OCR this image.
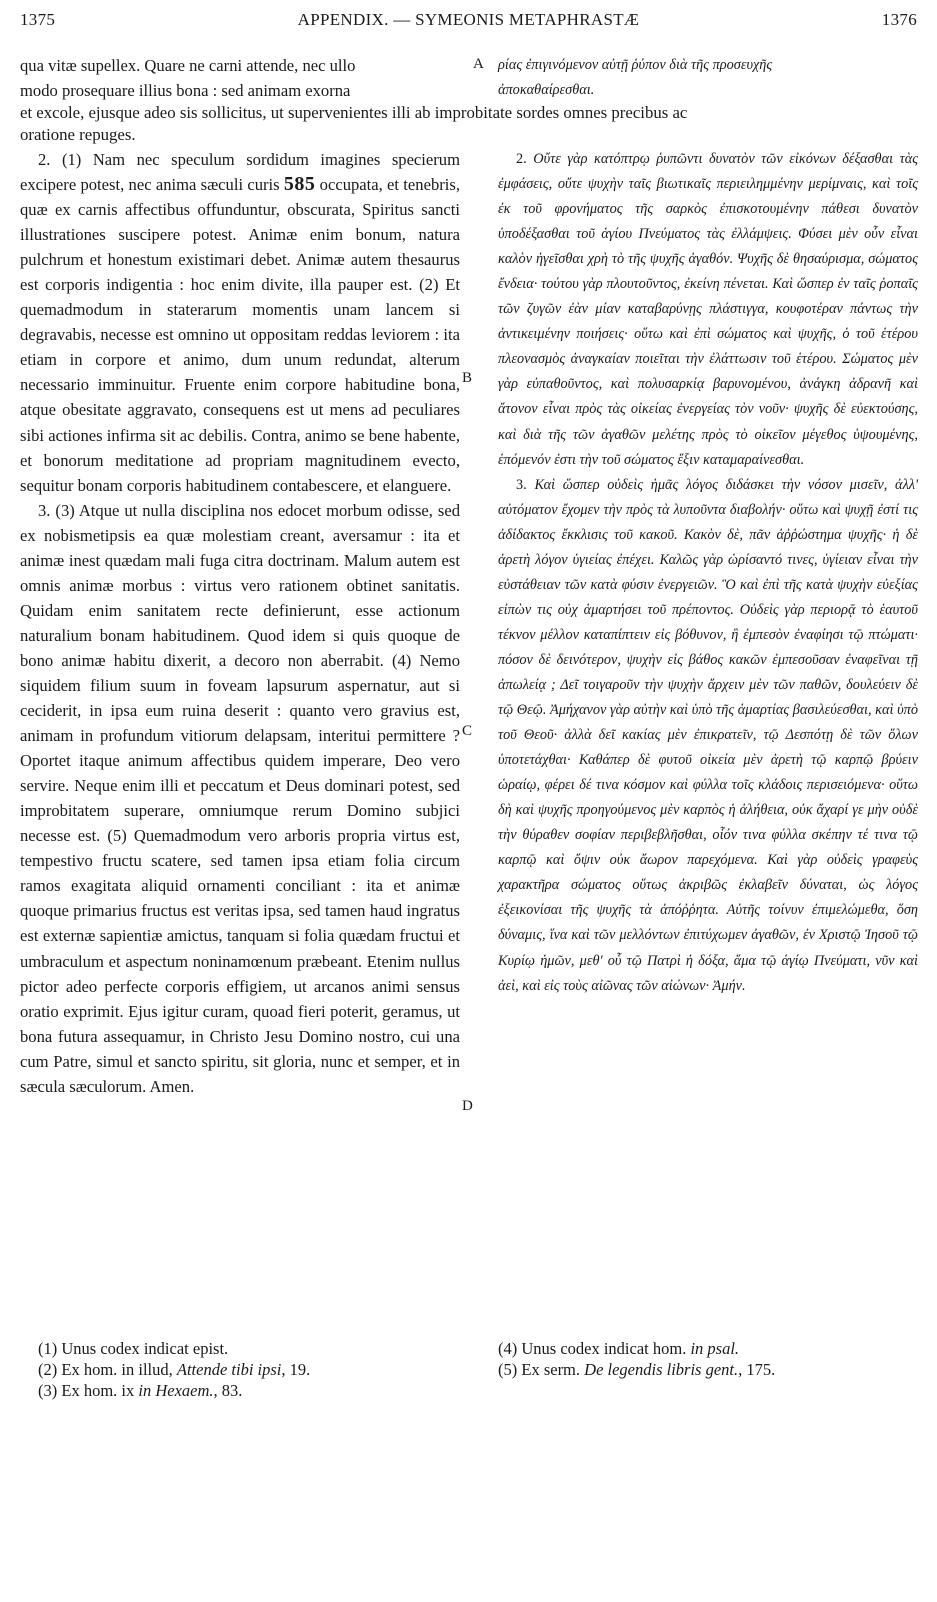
1375	APPENDIX. — SYMEONIS METAPHRASTÆ	1376
qua vitæ supellex. Quare ne carni attende, nec ullo
modo prosequare illius bona : sed animam exorna
A ρίας ἐπιγινόμενον αὐτῇ ῥύπον διὰ τῆς προσευχῆς
ἀποκαθαίρεσθαι.
et excole, ejusque adeo sis sollicitus, ut supervenientes illi ab improbitate sordes omnes precibus ac
oratione repuges.

2. (1) Nam nec speculum sordidum imagines specierum excipere potest, nec anima sæculi curis 585 occupata, et tenebris, quæ ex carnis affectibus offunduntur, obscurata, Spiritus sancti illustrationes suscipere potest. Animæ enim bonum, natura pulchrum et honestum existimari debet. Animæ autem thesaurus est corporis indigentia : hoc enim divite, illa pauper est. (2) Et quemadmodum in staterarum momentis unam lancem si degravabis, necesse est omnino ut oppositam reddas leviorem : ita etiam in corpore et animo, dum unum redundat, alterum necessario imminuitur. Fruente enim corpore habitudine bona, atque obesitate aggravato, consequens est ut mens ad peculiares sibi actiones infirma sit ac debilis. Contra, animo se bene habente, et bonorum meditatione ad propriam magnitudinem evecto, sequitur bonam corporis habitudinem contabescere, et elanguere.

3. (3) Atque ut nulla disciplina nos edocet morbum odisse, sed ex nobismetipsis ea quæ molestiam creant, aversamur : ita et animæ inest quædam mali fuga citra doctrinam. Malum autem est omnis animæ morbus : virtus vero rationem obtinet sanitatis. Quidam enim sanitatem recte definierunt, esse actionum naturalium bonam habitudinem. Quod idem si quis quoque de bono animæ habitu dixerit, a decoro non aberrabit. (4) Nemo siquidem filium suum in foveam lapsurum aspernatur, aut si ceciderit, in ipsa eum ruina deserit : quanto vero gravius est, animam in profundum vitiorum delapsam, interitui permittere ? Oportet itaque animum affectibus quidem imperare, Deo vero servire. Neque enim illi et peccatum et Deus dominari potest, sed improbitatem superare, omniumque rerum Domino subjici necesse est. (5) Quemadmodum vero arboris propria virtus est, tempestivo fructu scatere, sed tamen ipsa etiam folia circum ramos exagitata aliquid ornamenti conciliant : ita et animæ quoque primarius fructus est veritas ipsa, sed tamen haud ingratus est externæ sapientiæ amictus, tanquam si folia quædam fructui et umbraculum et aspectum noninamœnum præbeant. Etenim nullus pictor adeo perfecte corporis effigiem, ut arcanos animi sensus oratio exprimit. Ejus igitur curam, quoad fieri poterit, geramus, ut bona futura assequamur, in Christo Jesu Domino nostro, cui una cum Patre, simul et sancto spiritu, sit gloria, nunc et semper, et in sæcula sæculorum. Amen.

B
C
D

2. Οὔτε γὰρ κατόπτρῳ ῥυπῶντι δυνατὸν τῶν εἰκόνων δέξασθαι τὰς ἐμφάσεις, οὔτε ψυχὴν ταῖς βιωτικαῖς περιειλημμένην μερίμναις, καὶ τοῖς ἐκ τοῦ φρονήματος τῆς σαρκὸς ἐπισκοτουμένην πάθεσι δυνατὸν ὑποδέξασθαι τοῦ ἁγίου Πνεύματος τὰς ἐλλάμψεις. Φύσει μὲν οὖν εἶναι καλὸν ἡγεῖσθαι χρὴ τὸ τῆς ψυχῆς ἀγαθόν. Ψυχῆς δὲ θησαύρισμα, σώματος ἔνδεια· τούτου γὰρ πλουτοῦντος, ἐκείνη πένεται. Καὶ ὥσπερ ἐν ταῖς ῥοπαῖς τῶν ζυγῶν ἐὰν μίαν καταβαρύνῃς πλάστιγγα, κουφοτέραν πάντως τὴν ἀντικειμένην ποιήσεις· οὕτω καὶ ἐπὶ σώματος καὶ ψυχῆς, ὁ τοῦ ἑτέρου πλεονασμὸς ἀναγκαίαν ποιεῖται τὴν ἐλάττωσιν τοῦ ἑτέρου. Σώματος μὲν γὰρ εὐπαθοῦντος, καὶ πολυσαρκίᾳ βαρυνομένου, ἀνάγκη ἀδρανῆ καὶ ἄτονον εἶναι πρὸς τὰς οἰκείας ἐνεργείας τὸν νοῦν· ψυχῆς δὲ εὐεκτούσης, καὶ διὰ τῆς τῶν ἀγαθῶν μελέτης πρὸς τὸ οἰκεῖον μέγεθος ὑψουμένης, ἑπόμενόν ἐστι τὴν τοῦ σώματος ἕξιν καταμαραίνεσθαι.

3. Καὶ ὥσπερ οὐδεὶς ἡμᾶς λόγος διδάσκει τὴν νόσον μισεῖν, ἀλλ' αὐτόματον ἔχομεν τὴν πρὸς τὰ λυποῦντα διαβολήν· οὕτω καὶ ψυχῇ ἐστί τις ἀδίδακτος ἔκκλισις τοῦ κακοῦ. Κακὸν δὲ, πᾶν ἀῤῥώστημα ψυχῆς· ἡ δὲ ἀρετὴ λόγον ὑγιείας ἐπέχει. Καλῶς γὰρ ὡρίσαντό τινες, ὑγίειαν εἶναι τὴν εὐστάθειαν τῶν κατὰ φύσιν ἐνεργειῶν. Ὃ καὶ ἐπὶ τῆς κατὰ ψυχὴν εὐεξίας εἰπὼν τις οὐχ ἁμαρτήσει τοῦ πρέποντος. Οὐδεὶς γὰρ περιορᾷ τὸ ἑαυτοῦ τέκνον μέλλον καταπίπτειν εἰς βόθυνον, ἢ ἐμπεσὸν ἐναφίησι τῷ πτώματι· πόσον δὲ δεινότερον, ψυχὴν εἰς βάθος κακῶν ἐμπεσοῦσαν ἐναφεῖναι τῇ ἀπωλείᾳ ; Δεῖ τοιγαροῦν τὴν ψυχὴν ἄρχειν μὲν τῶν παθῶν, δουλεύειν δὲ τῷ Θεῷ. Ἀμήχανον γὰρ αὐτὴν καὶ ὑπὸ τῆς ἁμαρτίας βασιλεύεσθαι, καὶ ὑπὸ τοῦ Θεοῦ· ἀλλὰ δεῖ κακίας μὲν ἐπικρατεῖν, τῷ Δεσπότῃ δὲ τῶν ὅλων ὑποτετάχθαι· Καθάπερ δὲ φυτοῦ οἰκεία μὲν ἀρετὴ τῷ καρπῷ βρύειν ὡραίῳ, φέρει δέ τινα κόσμον καὶ φύλλα τοῖς κλάδοις περισειόμενα· οὕτω δὴ καὶ ψυχῆς προηγούμενος μὲν καρπὸς ἡ ἀλήθεια, οὐκ ἄχαρί γε μὴν οὐδὲ τὴν θύραθεν σοφίαν περιβεβλῆσθαι, οἷόν τινα φύλλα σκέπην τέ τινα τῷ καρπῷ καὶ ὄψιν οὐκ ἄωρον παρεχόμενα. Καὶ γὰρ οὐδεὶς γραφεὺς χαρακτῆρα σώματος οὕτως ἀκριβῶς ἐκλαβεῖν δύναται, ὡς λόγος ἐξεικονίσαι τῆς ψυχῆς τὰ ἀπόῤῥητα. Αὐτῆς τοίνυν ἐπιμελώμεθα, ὅση δύναμις, ἵνα καὶ τῶν μελλόντων ἐπιτύχωμεν ἀγαθῶν, ἐν Χριστῷ Ἰησοῦ τῷ Κυρίῳ ἡμῶν, μεθ' οὗ τῷ Πατρὶ ἡ δόξα, ἅμα τῷ ἁγίῳ Πνεύματι, νῦν καὶ ἀεὶ, καὶ εἰς τοὺς αἰῶνας τῶν αἰώνων· Ἀμήν.

(1) Unus codex indicat epist.
(2) Ex hom. in illud, Attende tibi ipsi, 19.
(3) Ex hom. ix in Hexaem., 83.
(4) Unus codex indicat hom. in psal.
(5) Ex serm. De legendis libris gent., 175.
